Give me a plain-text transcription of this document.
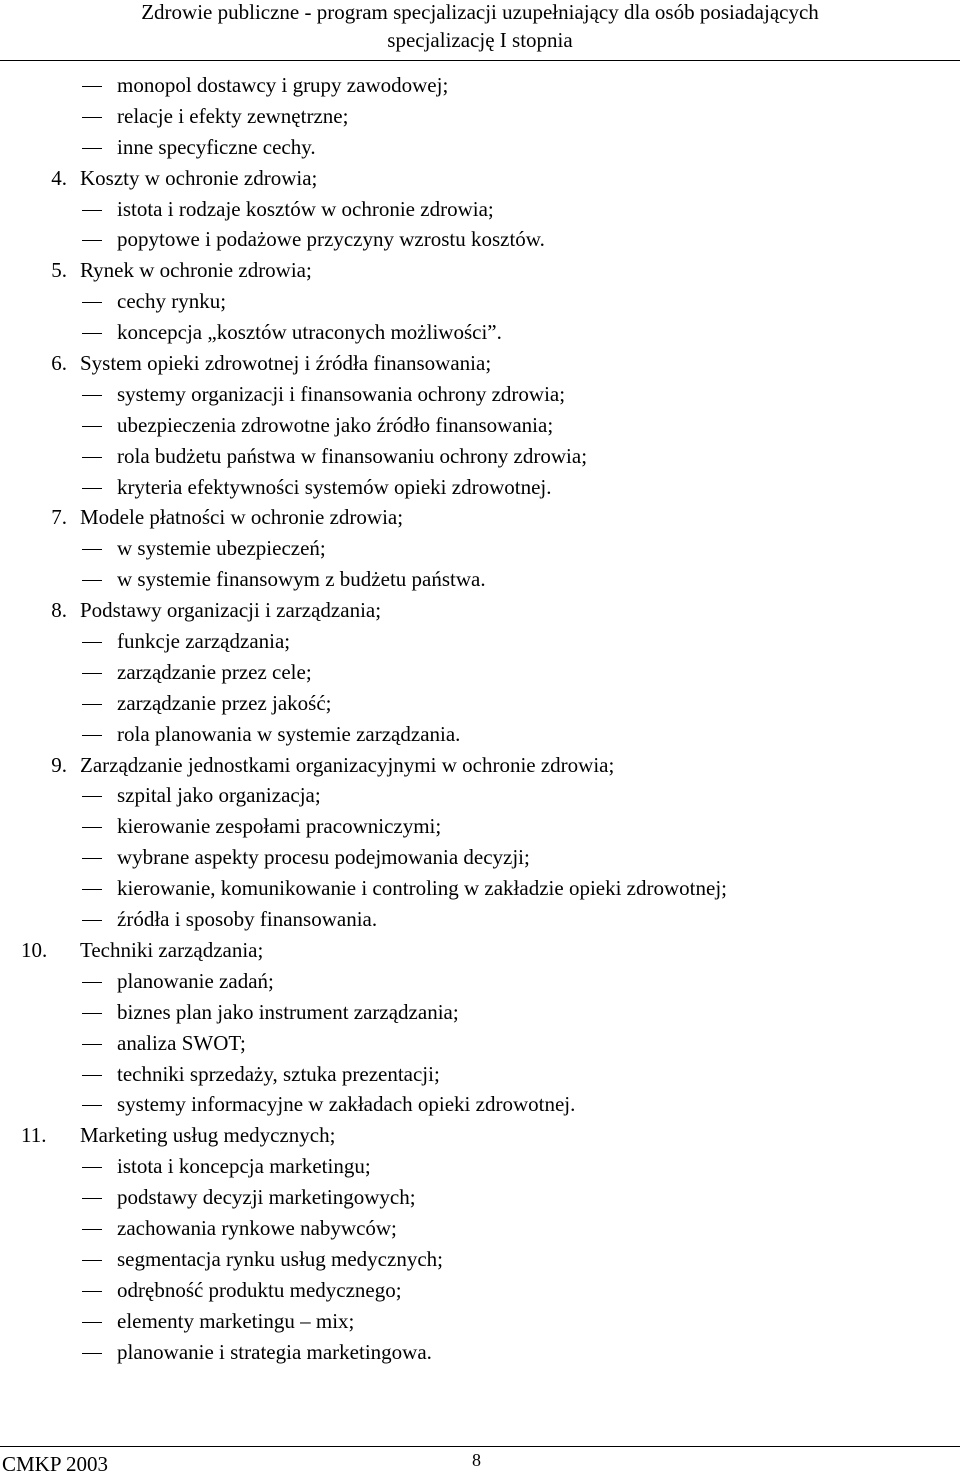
Zdrowie publiczne - program specjalizacji uzupełniający dla osób posiadających
specjalizację I stopnia
monopol dostawcy i grupy zawodowej;
relacje i efekty zewnętrzne;
inne specyficzne cechy.
4. Koszty w ochronie zdrowia;
istota i rodzaje kosztów w ochronie zdrowia;
popytowe i podażowe przyczyny wzrostu kosztów.
5. Rynek w ochronie zdrowia;
cechy rynku;
koncepcja „kosztów utraconych możliwości”.
6. System opieki zdrowotnej i źródła finansowania;
systemy organizacji i finansowania ochrony zdrowia;
ubezpieczenia zdrowotne jako źródło finansowania;
rola budżetu państwa w finansowaniu ochrony zdrowia;
kryteria efektywności systemów opieki zdrowotnej.
7. Modele płatności w ochronie zdrowia;
w systemie ubezpieczeń;
w systemie finansowym z budżetu państwa.
8. Podstawy organizacji i zarządzania;
funkcje zarządzania;
zarządzanie przez cele;
zarządzanie przez jakość;
rola planowania w systemie zarządzania.
9. Zarządzanie jednostkami organizacyjnymi w ochronie zdrowia;
szpital jako organizacja;
kierowanie zespołami pracowniczymi;
wybrane aspekty procesu podejmowania decyzji;
kierowanie, komunikowanie i controling w zakładzie opieki zdrowotnej;
źródła i sposoby finansowania.
10.	Techniki zarządzania;
planowanie zadań;
biznes plan jako instrument zarządzania;
analiza SWOT;
techniki sprzedaży, sztuka prezentacji;
systemy informacyjne w zakładach opieki zdrowotnej.
11.	Marketing usług medycznych;
istota i koncepcja marketingu;
podstawy decyzji marketingowych;
zachowania rynkowe nabywców;
segmentacja rynku usług medycznych;
odrębność produktu medycznego;
elementy marketingu – mix;
planowanie i strategia marketingowa.
CMKP 2003	8
